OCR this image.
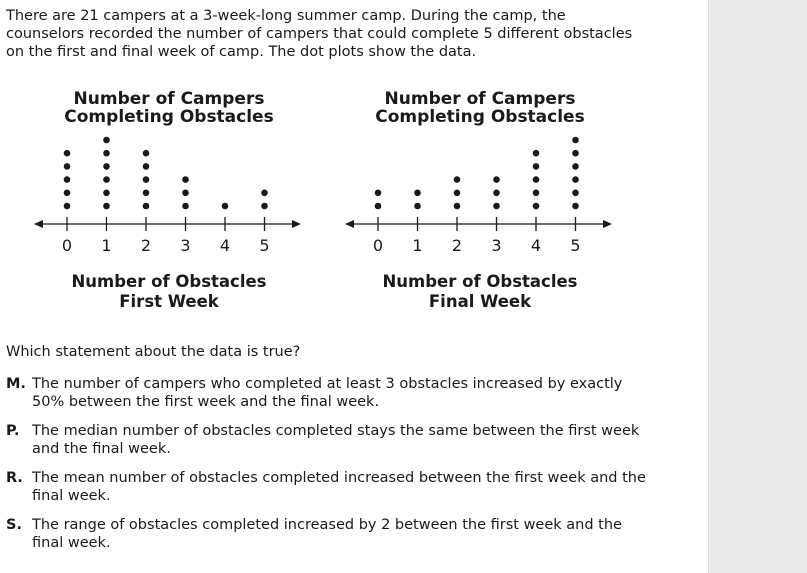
There are 21 campers at a 3-week-long summer camp. During the camp, the counselors recorded the number of campers that could complete 5 different obstacles on the first and final week of camp. The dot plots show the data.

Number of Campers
Completing Obstacles
0 1 2 3 4 5
Number of Obstacles
First Week
Number of Campers
Completing Obstacles
0 1 2 3 4 5
Number of Obstacles
Final Week

Which statement about the data is true?

M. The number of campers who completed at least 3 obstacles increased by exactly 50% between the first week and the final week.
P. The median number of obstacles completed stays the same between the first week and the final week.
R. The mean number of obstacles completed increased between the first week and the final week.
S. The range of obstacles completed increased by 2 between the first week and the final week.
